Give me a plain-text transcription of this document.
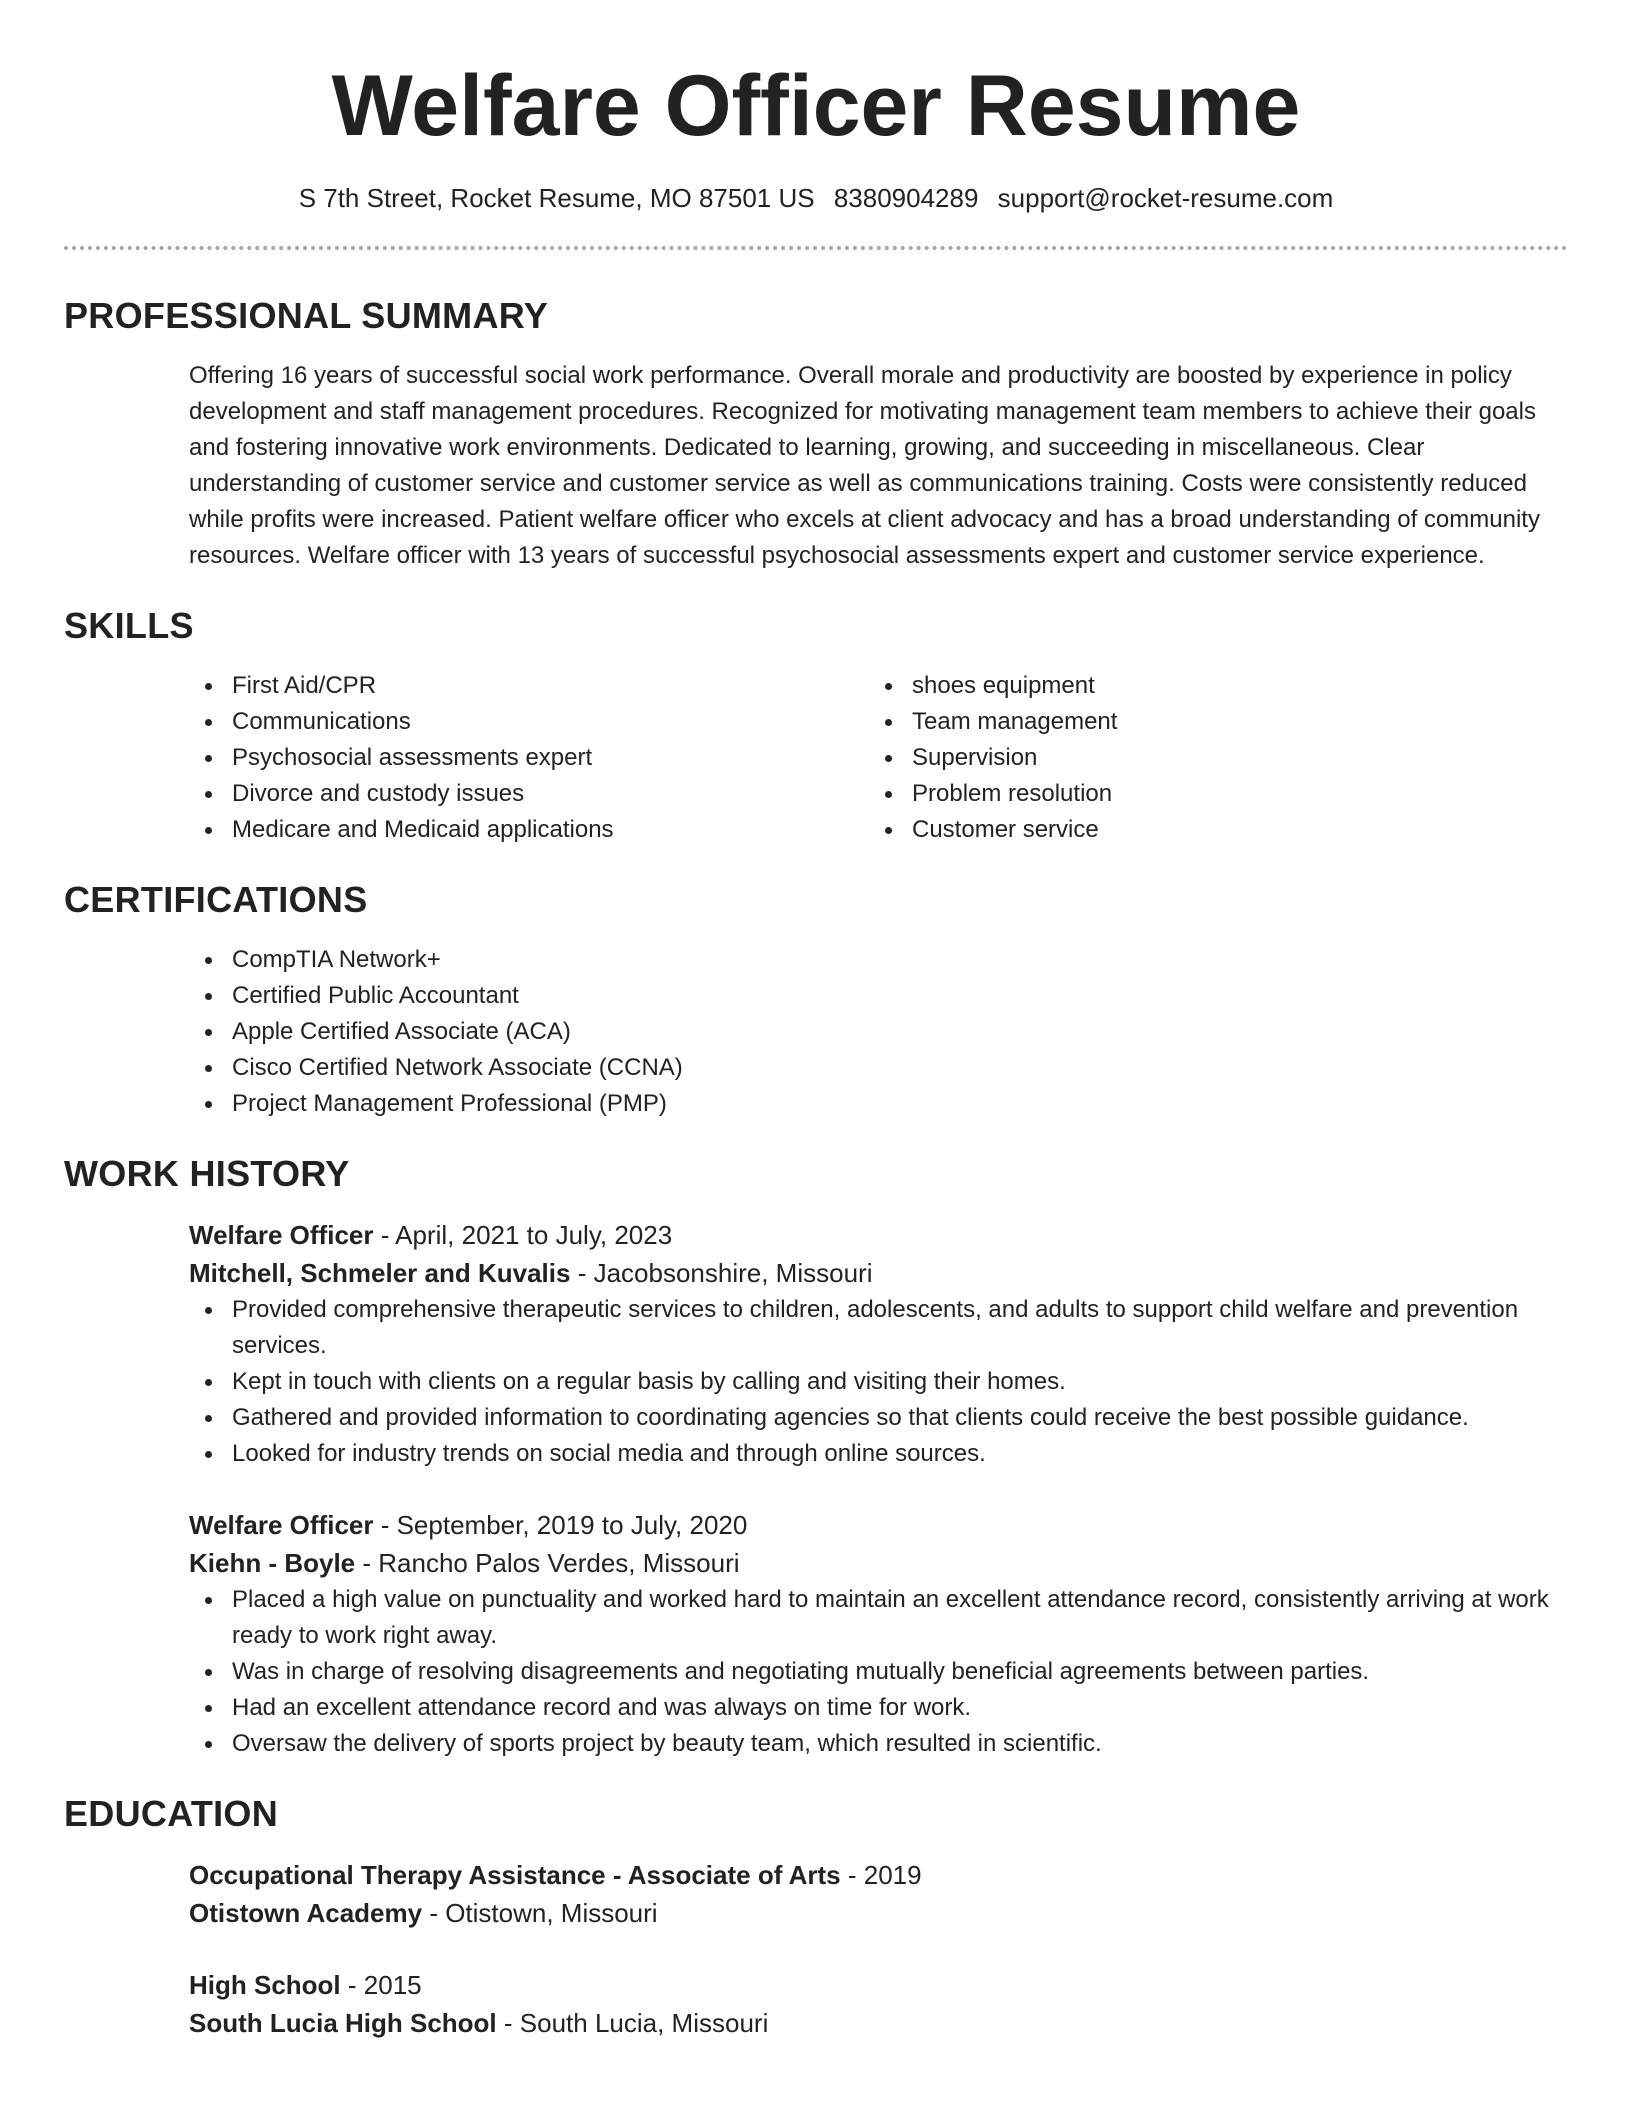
Welfare Officer Resume
S 7th Street, Rocket Resume, MO 87501 US 8380904289 support@rocket-resume.com
PROFESSIONAL SUMMARY

Offering 16 years of successful social work performance. Overall morale and productivity are boosted by experience in policy development and staff management procedures. Recognized for motivating management team members to achieve their goals and fostering innovative work environments. Dedicated to learning, growing, and succeeding in miscellaneous. Clear understanding of customer service and customer service as well as communications training. Costs were consistently reduced while profits were increased. Patient welfare officer who excels at client advocacy and has a broad understanding of community resources. Welfare officer with 13 years of successful psychosocial assessments expert and customer service experience.

SKILLS
First Aid/CPR
Communications
Psychosocial assessments expert
Divorce and custody issues
Medicare and Medicaid applications
shoes equipment
Team management
Supervision
Problem resolution
Customer service
CERTIFICATIONS
CompTIA Network+
Certified Public Accountant
Apple Certified Associate (ACA)
Cisco Certified Network Associate (CCNA)
Project Management Professional (PMP)
WORK HISTORY
Welfare Officer - April, 2021 to July, 2023
Mitchell, Schmeler and Kuvalis - Jacobsonshire, Missouri
Provided comprehensive therapeutic services to children, adolescents, and adults to support child welfare and prevention services.
Kept in touch with clients on a regular basis by calling and visiting their homes.
Gathered and provided information to coordinating agencies so that clients could receive the best possible guidance.
Looked for industry trends on social media and through online sources.
Welfare Officer - September, 2019 to July, 2020
Kiehn - Boyle - Rancho Palos Verdes, Missouri
Placed a high value on punctuality and worked hard to maintain an excellent attendance record, consistently arriving at work ready to work right away.
Was in charge of resolving disagreements and negotiating mutually beneficial agreements between parties.
Had an excellent attendance record and was always on time for work.
Oversaw the delivery of sports project by beauty team, which resulted in scientific.
EDUCATION
Occupational Therapy Assistance - Associate of Arts - 2019
Otistown Academy - Otistown, Missouri
High School - 2015
South Lucia High School - South Lucia, Missouri
